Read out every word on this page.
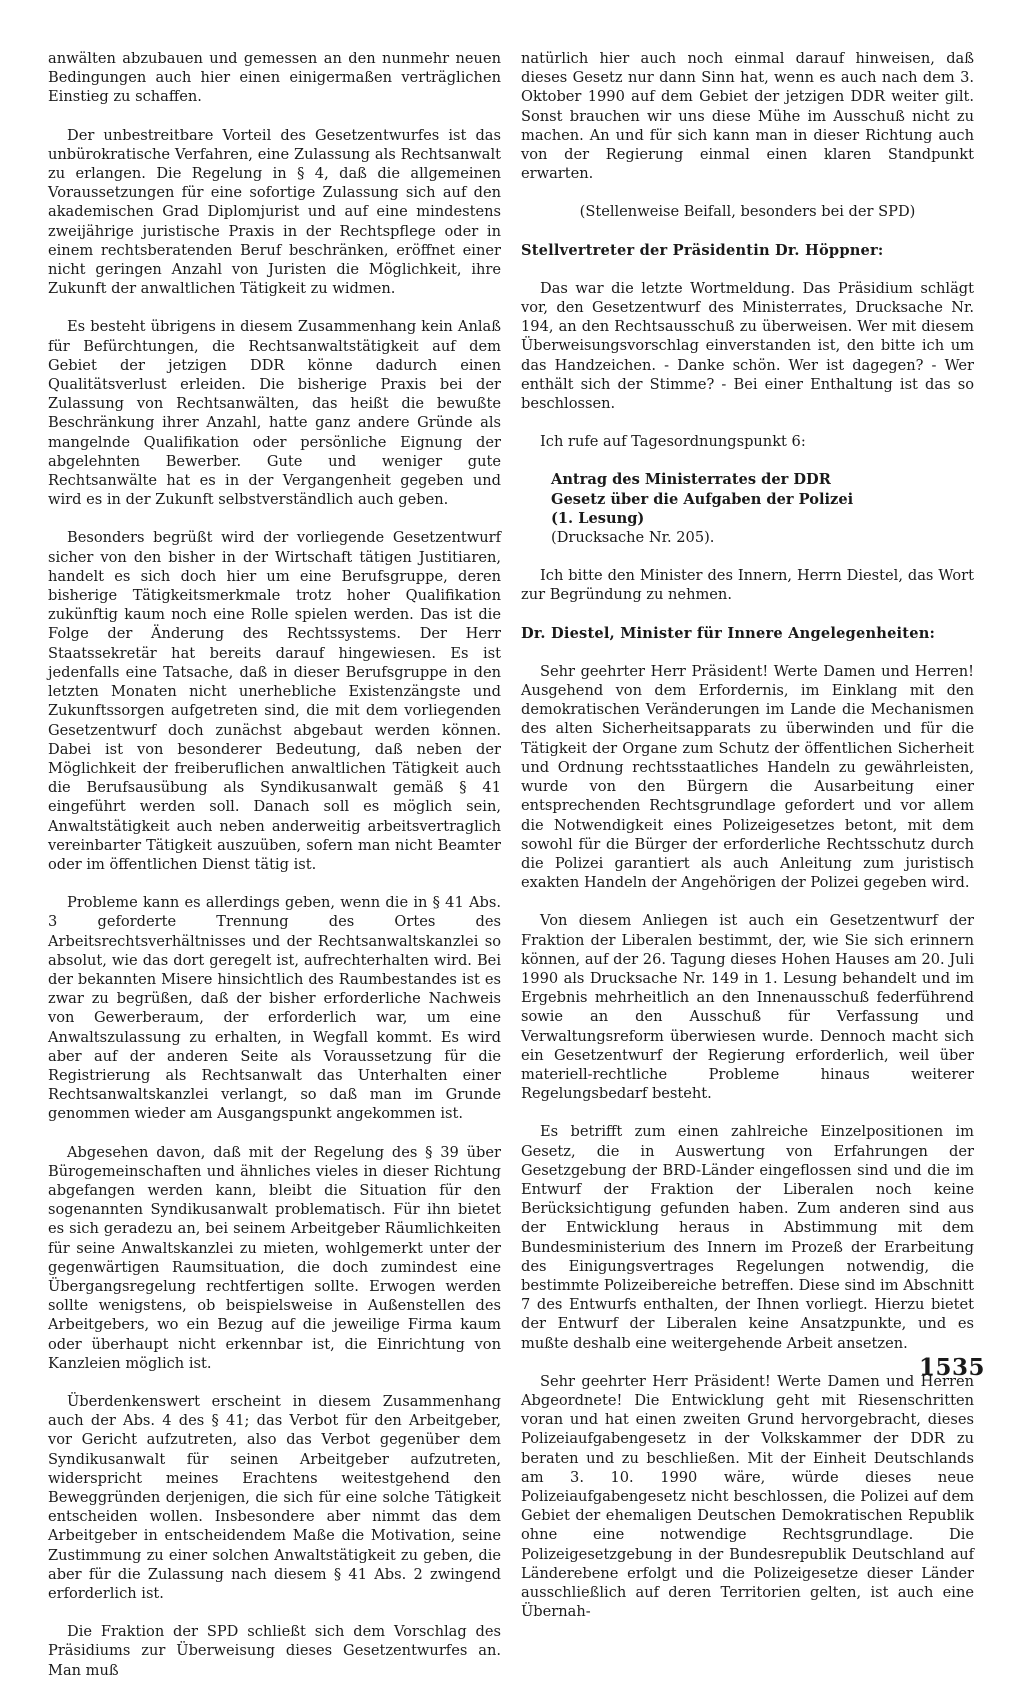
anwälten abzubauen und gemessen an den nunmehr neuen Bedingungen auch hier einen einigermaßen verträglichen Einstieg zu schaffen.

Der unbestreitbare Vorteil des Gesetzentwurfes ist das unbürokratische Verfahren, eine Zulassung als Rechtsanwalt zu erlangen. Die Regelung in § 4, daß die allgemeinen Voraussetzungen für eine sofortige Zulassung sich auf den akademischen Grad Diplomjurist und auf eine mindestens zweijährige juristische Praxis in der Rechtspflege oder in einem rechtsberatenden Beruf beschränken, eröffnet einer nicht geringen Anzahl von Juristen die Möglichkeit, ihre Zukunft der anwaltlichen Tätigkeit zu widmen.

Es besteht übrigens in diesem Zusammenhang kein Anlaß für Befürchtungen, die Rechtsanwaltstätigkeit auf dem Gebiet der jetzigen DDR könne dadurch einen Qualitätsverlust erleiden. Die bisherige Praxis bei der Zulassung von Rechtsanwälten, das heißt die bewußte Beschränkung ihrer Anzahl, hatte ganz andere Gründe als mangelnde Qualifikation oder persönliche Eignung der abgelehnten Bewerber. Gute und weniger gute Rechtsanwälte hat es in der Vergangenheit gegeben und wird es in der Zukunft selbstverständlich auch geben.

Besonders begrüßt wird der vorliegende Gesetzentwurf sicher von den bisher in der Wirtschaft tätigen Justitiaren, handelt es sich doch hier um eine Berufsgruppe, deren bisherige Tätigkeitsmerkmale trotz hoher Qualifikation zukünftig kaum noch eine Rolle spielen werden. Das ist die Folge der Änderung des Rechtssystems. Der Herr Staatssekretär hat bereits darauf hingewiesen. Es ist jedenfalls eine Tatsache, daß in dieser Berufsgruppe in den letzten Monaten nicht unerhebliche Existenzängste und Zukunftssorgen aufgetreten sind, die mit dem vorliegenden Gesetzentwurf doch zunächst abgebaut werden können. Dabei ist von besonderer Bedeutung, daß neben der Möglichkeit der freiberuflichen anwaltlichen Tätigkeit auch die Berufsausübung als Syndikusanwalt gemäß § 41 eingeführt werden soll. Danach soll es möglich sein, Anwaltstätigkeit auch neben anderweitig arbeitsvertraglich vereinbarter Tätigkeit auszuüben, sofern man nicht Beamter oder im öffentlichen Dienst tätig ist.

Probleme kann es allerdings geben, wenn die in § 41 Abs. 3 geforderte Trennung des Ortes des Arbeitsrechtsverhältnisses und der Rechtsanwaltskanzlei so absolut, wie das dort geregelt ist, aufrechterhalten wird. Bei der bekannten Misere hinsichtlich des Raumbestandes ist es zwar zu begrüßen, daß der bisher erforderliche Nachweis von Gewerberaum, der erforderlich war, um eine Anwaltszulassung zu erhalten, in Wegfall kommt. Es wird aber auf der anderen Seite als Voraussetzung für die Registrierung als Rechtsanwalt das Unterhalten einer Rechtsanwaltskanzlei verlangt, so daß man im Grunde genommen wieder am Ausgangspunkt angekommen ist.

Abgesehen davon, daß mit der Regelung des § 39 über Bürogemeinschaften und ähnliches vieles in dieser Richtung abgefangen werden kann, bleibt die Situation für den sogenannten Syndikusanwalt problematisch. Für ihn bietet es sich geradezu an, bei seinem Arbeitgeber Räumlichkeiten für seine Anwaltskanzlei zu mieten, wohlgemerkt unter der gegenwärtigen Raumsituation, die doch zumindest eine Übergangsregelung rechtfertigen sollte. Erwogen werden sollte wenigstens, ob beispielsweise in Außenstellen des Arbeitgebers, wo ein Bezug auf die jeweilige Firma kaum oder überhaupt nicht erkennbar ist, die Einrichtung von Kanzleien möglich ist.

Überdenkenswert erscheint in diesem Zusammenhang auch der Abs. 4 des § 41; das Verbot für den Arbeitgeber, vor Gericht aufzutreten, also das Verbot gegenüber dem Syndikusanwalt für seinen Arbeitgeber aufzutreten, widerspricht meines Erachtens weitestgehend den Beweggründen derjenigen, die sich für eine solche Tätigkeit entscheiden wollen. Insbesondere aber nimmt das dem Arbeitgeber in entscheidendem Maße die Motivation, seine Zustimmung zu einer solchen Anwaltstätigkeit zu geben, die aber für die Zulassung nach diesem § 41 Abs. 2 zwingend erforderlich ist.

Die Fraktion der SPD schließt sich dem Vorschlag des Präsidiums zur Überweisung dieses Gesetzentwurfes an. Man muß

natürlich hier auch noch einmal darauf hinweisen, daß dieses Gesetz nur dann Sinn hat, wenn es auch nach dem 3. Oktober 1990 auf dem Gebiet der jetzigen DDR weiter gilt. Sonst brauchen wir uns diese Mühe im Ausschuß nicht zu machen. An und für sich kann man in dieser Richtung auch von der Regierung einmal einen klaren Standpunkt erwarten.

(Stellenweise Beifall, besonders bei der SPD)

Stellvertreter der Präsidentin Dr. Höppner:

Das war die letzte Wortmeldung. Das Präsidium schlägt vor, den Gesetzentwurf des Ministerrates, Drucksache Nr. 194, an den Rechtsausschuß zu überweisen. Wer mit diesem Überweisungsvorschlag einverstanden ist, den bitte ich um das Handzeichen. - Danke schön. Wer ist dagegen? - Wer enthält sich der Stimme? - Bei einer Enthaltung ist das so beschlossen.

Ich rufe auf Tagesordnungspunkt 6:

Antrag des Ministerrates der DDR
Gesetz über die Aufgaben der Polizei
(1. Lesung)
(Drucksache Nr. 205).

Ich bitte den Minister des Innern, Herrn Diestel, das Wort zur Begründung zu nehmen.

Dr. Diestel, Minister für Innere Angelegenheiten:

Sehr geehrter Herr Präsident! Werte Damen und Herren! Ausgehend von dem Erfordernis, im Einklang mit den demokratischen Veränderungen im Lande die Mechanismen des alten Sicherheitsapparats zu überwinden und für die Tätigkeit der Organe zum Schutz der öffentlichen Sicherheit und Ordnung rechtsstaatliches Handeln zu gewährleisten, wurde von den Bürgern die Ausarbeitung einer entsprechenden Rechtsgrundlage gefordert und vor allem die Notwendigkeit eines Polizeigesetzes betont, mit dem sowohl für die Bürger der erforderliche Rechtsschutz durch die Polizei garantiert als auch Anleitung zum juristisch exakten Handeln der Angehörigen der Polizei gegeben wird.

Von diesem Anliegen ist auch ein Gesetzentwurf der Fraktion der Liberalen bestimmt, der, wie Sie sich erinnern können, auf der 26. Tagung dieses Hohen Hauses am 20. Juli 1990 als Drucksache Nr. 149 in 1. Lesung behandelt und im Ergebnis mehrheitlich an den Innenausschuß federführend sowie an den Ausschuß für Verfassung und Verwaltungsreform überwiesen wurde. Dennoch macht sich ein Gesetzentwurf der Regierung erforderlich, weil über materiell-rechtliche Probleme hinaus weiterer Regelungsbedarf besteht.

Es betrifft zum einen zahlreiche Einzelpositionen im Gesetz, die in Auswertung von Erfahrungen der Gesetzgebung der BRD-Länder eingeflossen sind und die im Entwurf der Fraktion der Liberalen noch keine Berücksichtigung gefunden haben. Zum anderen sind aus der Entwicklung heraus in Abstimmung mit dem Bundesministerium des Innern im Prozeß der Erarbeitung des Einigungsvertrages Regelungen notwendig, die bestimmte Polizeibereiche betreffen. Diese sind im Abschnitt 7 des Entwurfs enthalten, der Ihnen vorliegt. Hierzu bietet der Entwurf der Liberalen keine Ansatzpunkte, und es mußte deshalb eine weitergehende Arbeit ansetzen.

Sehr geehrter Herr Präsident! Werte Damen und Herren Abgeordnete! Die Entwicklung geht mit Riesenschritten voran und hat einen zweiten Grund hervorgebracht, dieses Polizeiaufgabengesetz in der Volkskammer der DDR zu beraten und zu beschließen. Mit der Einheit Deutschlands am 3. 10. 1990 wäre, würde dieses neue Polizeiaufgabengesetz nicht beschlossen, die Polizei auf dem Gebiet der ehemaligen Deutschen Demokratischen Republik ohne eine notwendige Rechtsgrundlage. Die Polizeigesetzgebung in der Bundesrepublik Deutschland auf Länderebene erfolgt und die Polizeigesetze dieser Länder ausschließlich auf deren Territorien gelten, ist auch eine Übernah-

1535
